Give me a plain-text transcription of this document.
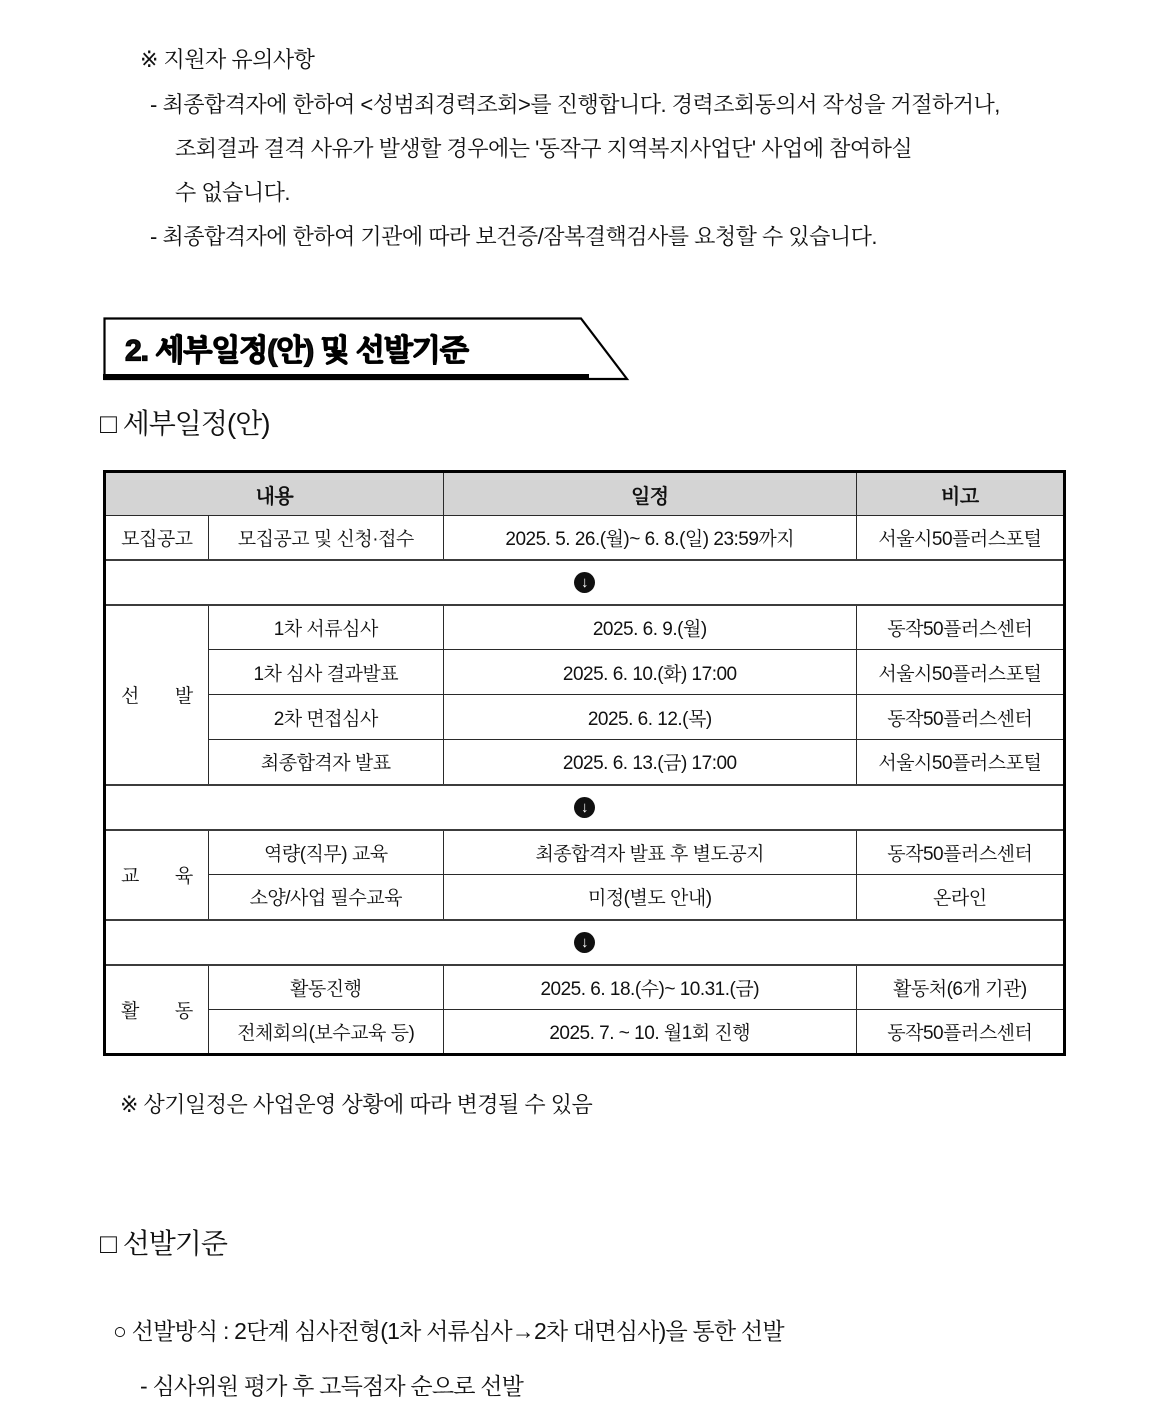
※ 지원자 유의사항
- 최종합격자에 한하여 <성범죄경력조회>를 진행합니다. 경력조회동의서 작성을 거절하거나,
조회결과 결격 사유가 발생할 경우에는 '동작구 지역복지사업단' 사업에 참여하실
수 없습니다.
- 최종합격자에 한하여 기관에 따라 보건증/잠복결핵검사를 요청할 수 있습니다.
2. 세부일정(안) 및 선발기준
□ 세부일정(안)
내용		일정	비고
모집공고	모집공고 및 신청·접수	2025. 5. 26.(월)~ 6. 8.(일) 23:59까지	서울시50플러스포털
↓			

선 발	1차 서류심사	2025. 6. 9.(월)	동작50플러스센터
	1차 심사 결과발표	2025. 6. 10.(화) 17:00	서울시50플러스포털
	2차 면접심사	2025. 6. 12.(목)	동작50플러스센터
	최종합격자 발표	2025. 6. 13.(금) 17:00	서울시50플러스포털
↓			

교 육	역량(직무) 교육	최종합격자 발표 후 별도공지	동작50플러스센터
	소양/사업 필수교육	미정(별도 안내)	온라인
↓			

활 동	활동진행	2025. 6. 18.(수)~ 10.31.(금)	활동처(6개 기관)
	전체회의(보수교육 등)	2025. 7. ~ 10. 월1회 진행	동작50플러스센터
※ 상기일정은 사업운영 상황에 따라 변경될 수 있음
□ 선발기준
○ 선발방식 : 2단계 심사전형(1차 서류심사→2차 대면심사)을 통한 선발
- 심사위원 평가 후 고득점자 순으로 선발
